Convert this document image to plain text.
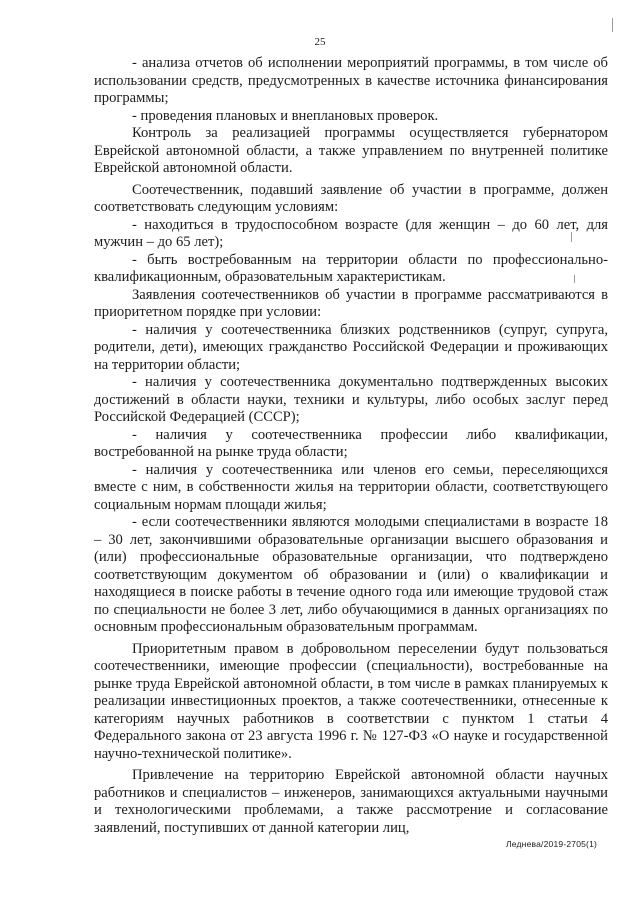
25

- анализа отчетов об исполнении мероприятий программы, в том числе об использовании средств, предусмотренных в качестве источника финансирования программы;

- проведения плановых и внеплановых проверок.

Контроль за реализацией программы осуществляется губернатором Еврейской автономной области, а также управлением по внутренней политике Еврейской автономной области.

Соотечественник, подавший заявление об участии в программе, должен соответствовать следующим условиям:

- находиться в трудоспособном возрасте (для женщин – до 60 лет, для мужчин – до 65 лет);

- быть востребованным на территории области по профессионально-квалификационным, образовательным характеристикам.

Заявления соотечественников об участии в программе рассматриваются в приоритетном порядке при условии:

- наличия у соотечественника близких родственников (супруг, супруга, родители, дети), имеющих гражданство Российской Федерации и проживающих на территории области;

- наличия у соотечественника документально подтвержденных высоких достижений в области науки, техники и культуры, либо особых заслуг перед Российской Федерацией (СССР);

- наличия у соотечественника профессии либо квалификации, востребованной на рынке труда области;

- наличия у соотечественника или членов его семьи, переселяющихся вместе с ним, в собственности жилья на территории области, соответствующего социальным нормам площади жилья;

- если соотечественники являются молодыми специалистами в возрасте 18 – 30 лет, закончившими образовательные организации высшего образования и (или) профессиональные образовательные организации, что подтверждено соответствующим документом об образовании и (или) о квалификации и находящиеся в поиске работы в течение одного года или имеющие трудовой стаж по специальности не более 3 лет, либо обучающимися в данных организациях по основным профессиональным образовательным программам.

Приоритетным правом в добровольном переселении будут пользоваться соотечественники, имеющие профессии (специальности), востребованные на рынке труда Еврейской автономной области, в том числе в рамках планируемых к реализации инвестиционных проектов, а также соотечественники, отнесенные к категориям научных работников в соответствии с пунктом 1 статьи 4 Федерального закона от 23 августа 1996 г. № 127-ФЗ «О науке и государственной научно-технической политике».

Привлечение на территорию Еврейской автономной области научных работников и специалистов – инженеров, занимающихся актуальными научными и технологическими проблемами, а также рассмотрение и согласование заявлений, поступивших от данной категории лиц,

Леднева/2019-2705(1)
